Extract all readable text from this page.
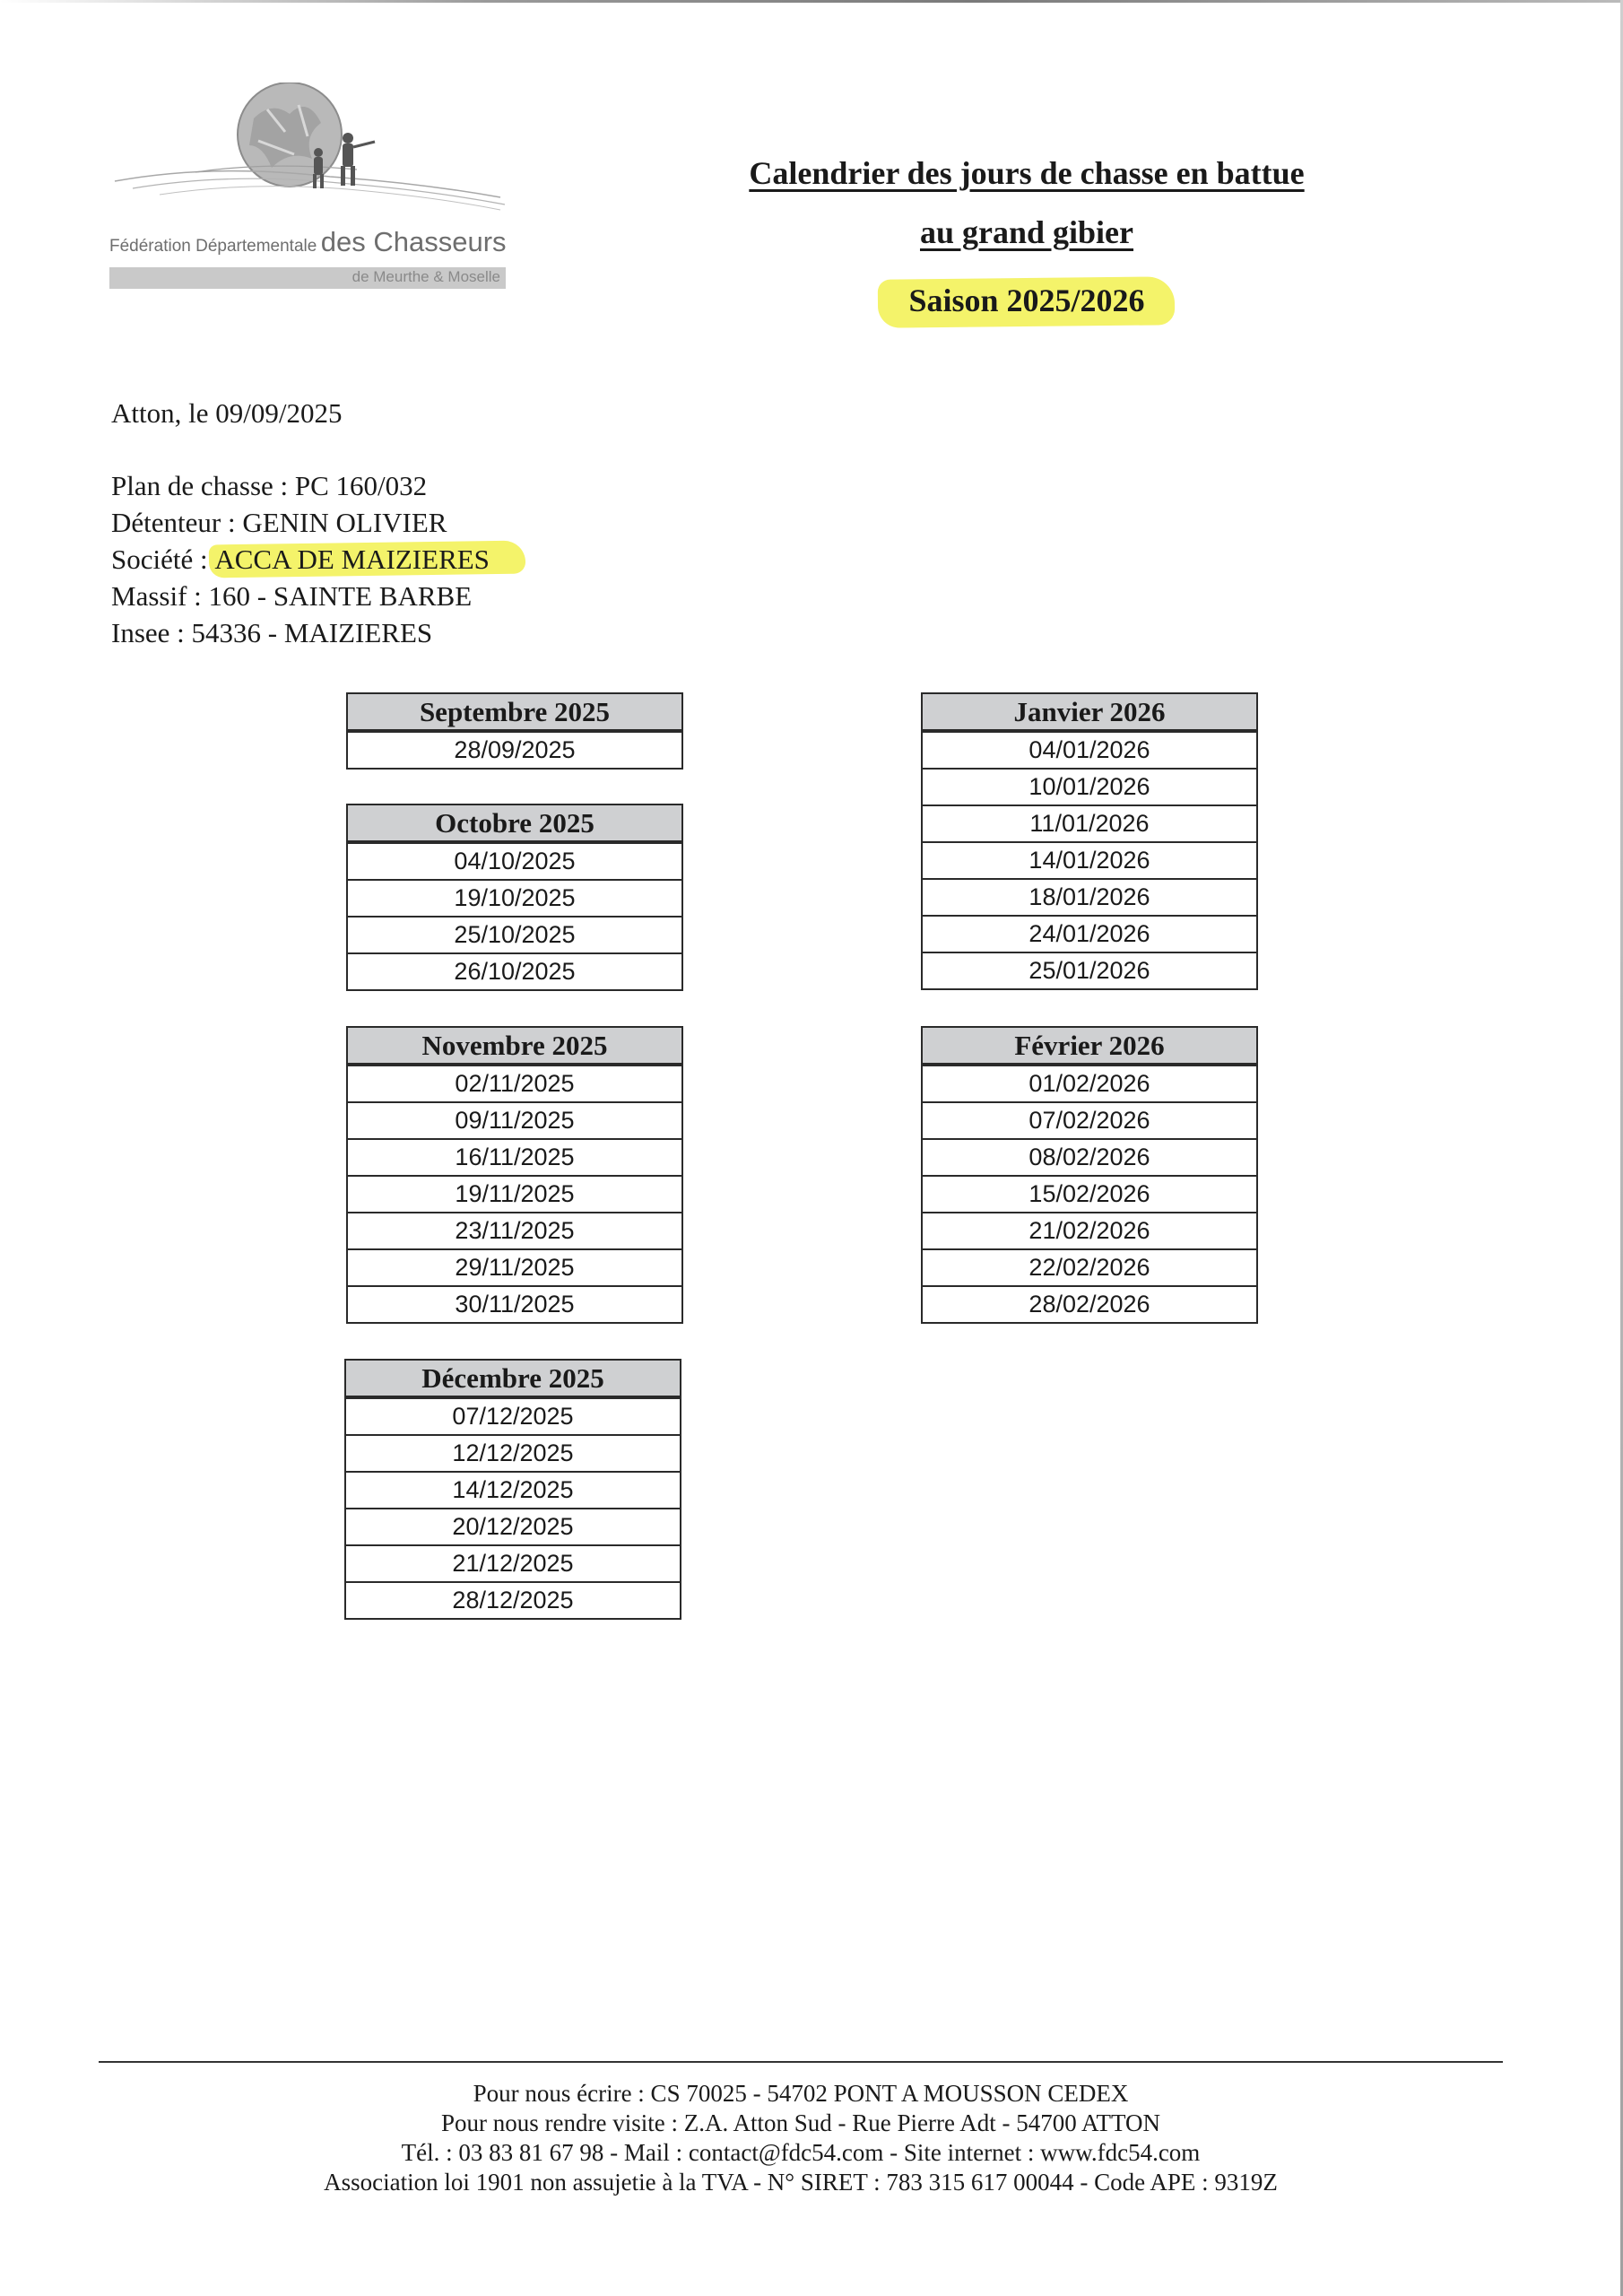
Fédération Départementale des Chasseurs
de Meurthe & Moselle
Calendrier des jours de chasse en battue
au grand gibier
Saison 2025/2026
Atton, le 09/09/2025
Plan de chasse : PC 160/032
Détenteur : GENIN OLIVIER
Société : ACCA DE MAIZIERES
Massif : 160 - SAINTE BARBE
Insee : 54336 - MAIZIERES
Septembre 2025
28/09/2025
Octobre 2025
04/10/2025
19/10/2025
25/10/2025
26/10/2025
Novembre 2025
02/11/2025
09/11/2025
16/11/2025
19/11/2025
23/11/2025
29/11/2025
30/11/2025
Décembre 2025
07/12/2025
12/12/2025
14/12/2025
20/12/2025
21/12/2025
28/12/2025
Janvier 2026
04/01/2026
10/01/2026
11/01/2026
14/01/2026
18/01/2026
24/01/2026
25/01/2026
Février 2026
01/02/2026
07/02/2026
08/02/2026
15/02/2026
21/02/2026
22/02/2026
28/02/2026
Pour nous écrire : CS 70025 - 54702 PONT A MOUSSON CEDEX
Pour nous rendre visite : Z.A. Atton Sud - Rue Pierre Adt - 54700 ATTON
Tél. : 03 83 81 67 98 - Mail : contact@fdc54.com - Site internet : www.fdc54.com
Association loi 1901 non assujetie à la TVA - N° SIRET : 783 315 617 00044 - Code APE : 9319Z
